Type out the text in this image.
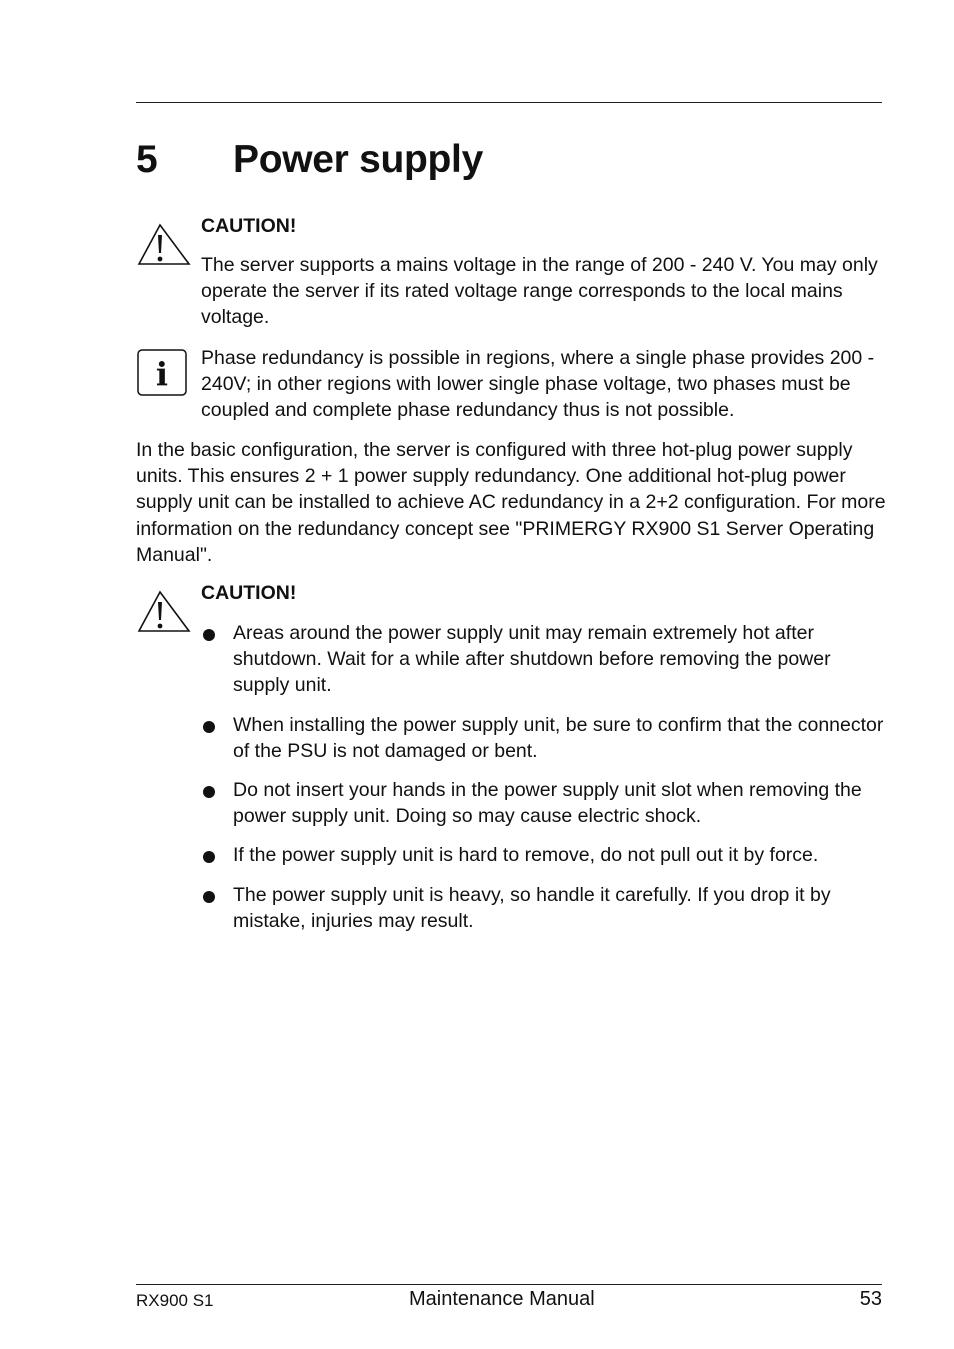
5 Power supply
CAUTION!
The server supports a mains voltage in the range of 200 - 240 V. You may only operate the server if its rated voltage range corresponds to the local mains voltage.
i Phase redundancy is possible in regions, where a single phase provides 200 - 240V; in other regions with lower single phase voltage, two phases must be coupled and complete phase redundancy thus is not possible.
In the basic configuration, the server is configured with three hot-plug power supply units. This ensures 2 + 1 power supply redundancy. One additional hot-plug power supply unit can be installed to achieve AC redundancy in a 2+2 configuration. For more information on the redundancy concept see "PRIMERGY RX900 S1 Server Operating Manual".
CAUTION!
Areas around the power supply unit may remain extremely hot after shutdown. Wait for a while after shutdown before removing the power supply unit.
When installing the power supply unit, be sure to confirm that the connector of the PSU is not damaged or bent.
Do not insert your hands in the power supply unit slot when removing the power supply unit. Doing so may cause electric shock.
If the power supply unit is hard to remove, do not pull out it by force.
The power supply unit is heavy, so handle it carefully. If you drop it by mistake, injuries may result.
RX900 S1	Maintenance Manual	53
